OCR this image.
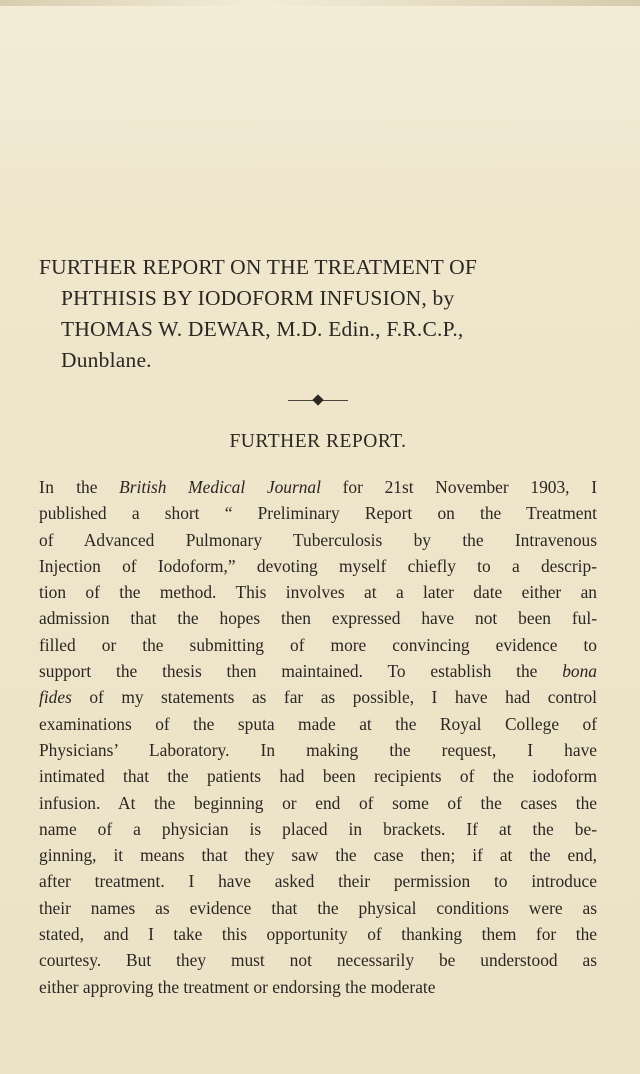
FURTHER REPORT ON THE TREATMENT OF
PHTHISIS BY IODOFORM INFUSION, by
THOMAS W. DEWAR, M.D. Edin., F.R.C.P.,
Dunblane.
FURTHER REPORT.

In the British Medical Journal for 21st November 1903, I
published a short “ Preliminary Report on the Treatment
of Advanced Pulmonary Tuberculosis by the Intravenous
Injection of Iodoform,” devoting myself chiefly to a descrip-
tion of the method. This involves at a later date either an
admission that the hopes then expressed have not been ful-
filled or the submitting of more convincing evidence to
support the thesis then maintained. To establish the bona
fides of my statements as far as possible, I have had control
examinations of the sputa made at the Royal College of
Physicians’ Laboratory. In making the request, I have
intimated that the patients had been recipients of the iodoform
infusion. At the beginning or end of some of the cases the
name of a physician is placed in brackets. If at the be-
ginning, it means that they saw the case then; if at the end,
after treatment. I have asked their permission to introduce
their names as evidence that the physical conditions were as
stated, and I take this opportunity of thanking them for the
courtesy. But they must not necessarily be understood as
either approving the treatment or endorsing the moderate
